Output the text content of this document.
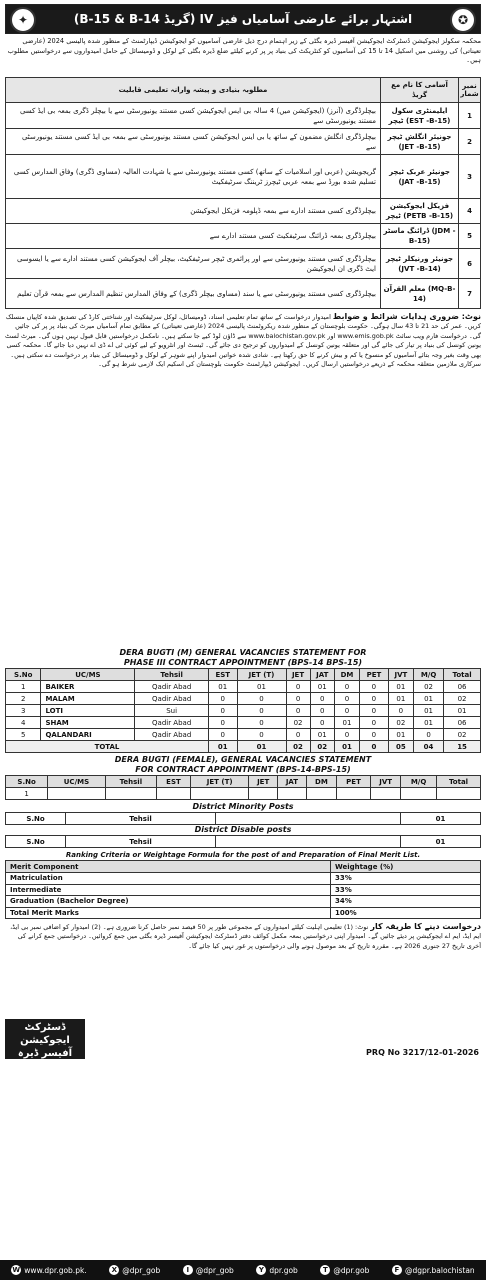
✦	اشتہار برائے عارضی آسامیاں فیز IV (گریڈ B-15 & B-14)	✪
محکمہ سکولز ایجوکیشن ڈسٹرکٹ ایجوکیشن آفیسر ڈیرہ بگٹی کے زیر اہتمام درج ذیل عارضی آسامیوں کو ایجوکیشن ڈیپارٹمنٹ کے منظور شدہ پالیسی 2024 (عارضی تعیناتی) کی روشنی میں اسکیل 14 تا 15 کی آسامیوں کو کنٹریکٹ کی بنیاد پر پر کرنے کیلئے ضلع ڈیرہ بگٹی کے لوکل و ڈومیسائل کے حامل امیدواروں سے درخواستیں مطلوب ہیں۔
مطلوبہ بنیادی و پیشہ وارانہ تعلیمی قابلیت	آسامی کا نام مع گریڈ	نمبر شمار
بیچلرڈگری (آنرز) (ایجوکیشن میں) 4 سالہ بی ایس ایجوکیشن کسی مستند یونیورسٹی سے یا بیچلر ڈگری بمعہ بی ایڈ کسی مستند یونیورسٹی سے	ایلیمنٹری سکول ٹیچر (EST -B-15)	1
بیچلرڈگری انگلش مضمون کے ساتھ یا بی ایس ایجوکیشن کسی مستند یونیورسٹی سے بمعہ بی ایڈ کسی مستند یونیورسٹی سے	جونیئر انگلش ٹیچر (JET -B-15)	2
گریجویشن (عربی اور اسلامیات کے ساتھ) کسی مستند یونیورسٹی سے یا شہادت العالیہ (مساوی ڈگری) وفاق المدارس کسی تسلیم شدہ بورڈ سے بمعہ عربی ٹیچرز ٹریننگ سرٹیفکیٹ	جونیئر عربک ٹیچر (JAT -B-15)	3
بیچلرڈگری کسی مستند ادارے سے بمعہ ڈپلومہ فزیکل ایجوکیشن	فزیکل ایجوکیشن ٹیچر (PETB -B-15)	4
بیچلرڈگری بمعہ ڈرائنگ سرٹیفکیٹ کسی مستند ادارے سے	ڈرائنگ ماسٹر (JDM -B-15)	5
بیچلرڈگری کسی مستند یونیورسٹی سے اور پرائمری ٹیچر سرٹیفکیٹ، بیچلر آف ایجوکیشن کسی مستند ادارے سے یا ایسوسی ایٹ ڈگری ان ایجوکیشن	جونیئر ورنیکلر ٹیچر (JVT -B-14)	6
بیچلرڈگری کسی مستند یونیورسٹی سے یا سند (مساوی بیچلر ڈگری) کے وفاق المدارس تنظیم المدارس سے بمعہ قرآن تعلیم	معلم القرآن (MQ-B-14)	7
نوٹ: ضروری ہدایات شرائط و ضوابط امیدوار درخواست کے ساتھ تمام تعلیمی اسناد، ڈومیسائل، لوکل سرٹیفکیٹ اور شناختی کارڈ کی تصدیق شدہ کاپیاں منسلک کریں۔ عمر کی حد 21 تا 43 سال ہوگی۔ حکومت بلوچستان کے منظور شدہ ریکروٹمنٹ پالیسی 2024 (عارضی تعیناتی) کے مطابق تمام آسامیاں میرٹ کی بنیاد پر پر کی جائیں گی۔ درخواست فارم ویب سائٹ www.emis.gob.pk اور www.balochistan.gov.pk سے ڈاؤن لوڈ کیے جا سکتے ہیں۔ نامکمل درخواستیں قابل قبول نہیں ہوں گی۔ میرٹ لسٹ یونین کونسل کی بنیاد پر تیار کی جائے گی اور متعلقہ یونین کونسل کے امیدواروں کو ترجیح دی جائے گی۔ ٹیسٹ اور انٹرویو کے لیے کوئی ٹی اے ڈی اے نہیں دیا جائے گا۔ محکمہ کسی بھی وقت بغیر وجہ بتائے آسامیوں کو منسوخ یا کم و بیش کرنے کا حق رکھتا ہے۔ شادی شدہ خواتین امیدوار اپنے شوہر کے لوکل و ڈومیسائل کی بنیاد پر درخواست دے سکتی ہیں۔ سرکاری ملازمین متعلقہ محکمہ کے ذریعے درخواستیں ارسال کریں۔ ایجوکیشن ڈیپارٹمنٹ حکومت بلوچستان کی اسکیم ایک لازمی شرط ہو گی۔
DERA BUGTI (M) GENERAL VACANCIES STATEMENT FOR
PHASE III CONTRACT APPOINTMENT (BPS-14 BPS-15)
S.No	UC/MS	Tehsil	EST	JET (T)	JET	JAT	DM	PET	JVT	M/Q	Total
1	BAIKER	Qadir Abad	01	01	0	01	0	0	01	02	06
2	MALAM	Qadir Abad	0	0	0	0	0	0	01	01	02
3	LOTI	Sui	0	0	0	0	0	0	0	01	01
4	SHAM	Qadir Abad	0	0	02	0	01	0	02	01	06
5	QALANDARI	Qadir Abad	0	0	0	01	0	0	01	0	02
TOTAL			01	01	02	02	01	0	05	04	15
DERA BUGTI (FEMALE), GENERAL VACANCIES STATEMENT
FOR CONTRACT APPOINTMENT (BPS-14-BPS-15)
S.No	UC/MS	Tehsil	EST	JET (T)	JET	JAT	DM	PET	JVT	M/Q	Total
1											
District Minority Posts
S.No	Tehsil		01
District Disable posts
S.No	Tehsil		01
Ranking Criteria or Weightage Formula for the post of and Preparation of Final Merit List.
Merit Component	Weightage (%)
Matriculation	33%
Intermediate	33%
Graduation (Bachelor Degree)	34%
Total Merit Marks	100%
درخواست دینے کا طریقہ کار نوٹ: (1) تعلیمی اہلیت کیلئے امیدواروں کے مجموعی طور پر 50 فیصد نمبر حاصل کرنا ضروری ہے۔ (2) امیدوار کو اضافی نمبر بی ایڈ، ایم ایڈ، ایم اے ایجوکیشن پر دیئے جائیں گے۔ امیدوار اپنی درخواستیں بمعہ مکمل کوائف دفتر ڈسٹرکٹ ایجوکیشن آفیسر ڈیرہ بگٹی میں جمع کروائیں۔ درخواستیں جمع کرانے کی آخری تاریخ 27 جنوری 2026 ہے۔ مقررہ تاریخ کے بعد موصول ہونے والی درخواستوں پر غور نہیں کیا جائے گا۔
ڈسٹرکٹ ایجوکیشن آفیسر ڈیرہ بگٹی
PRQ No 3217/12-01-2026
W www.dpr.gob.pk.	X @dpr_gob	I @dpr_gob	Y dpr.gob	T @dpr.gob	F @dgpr.balochistan
